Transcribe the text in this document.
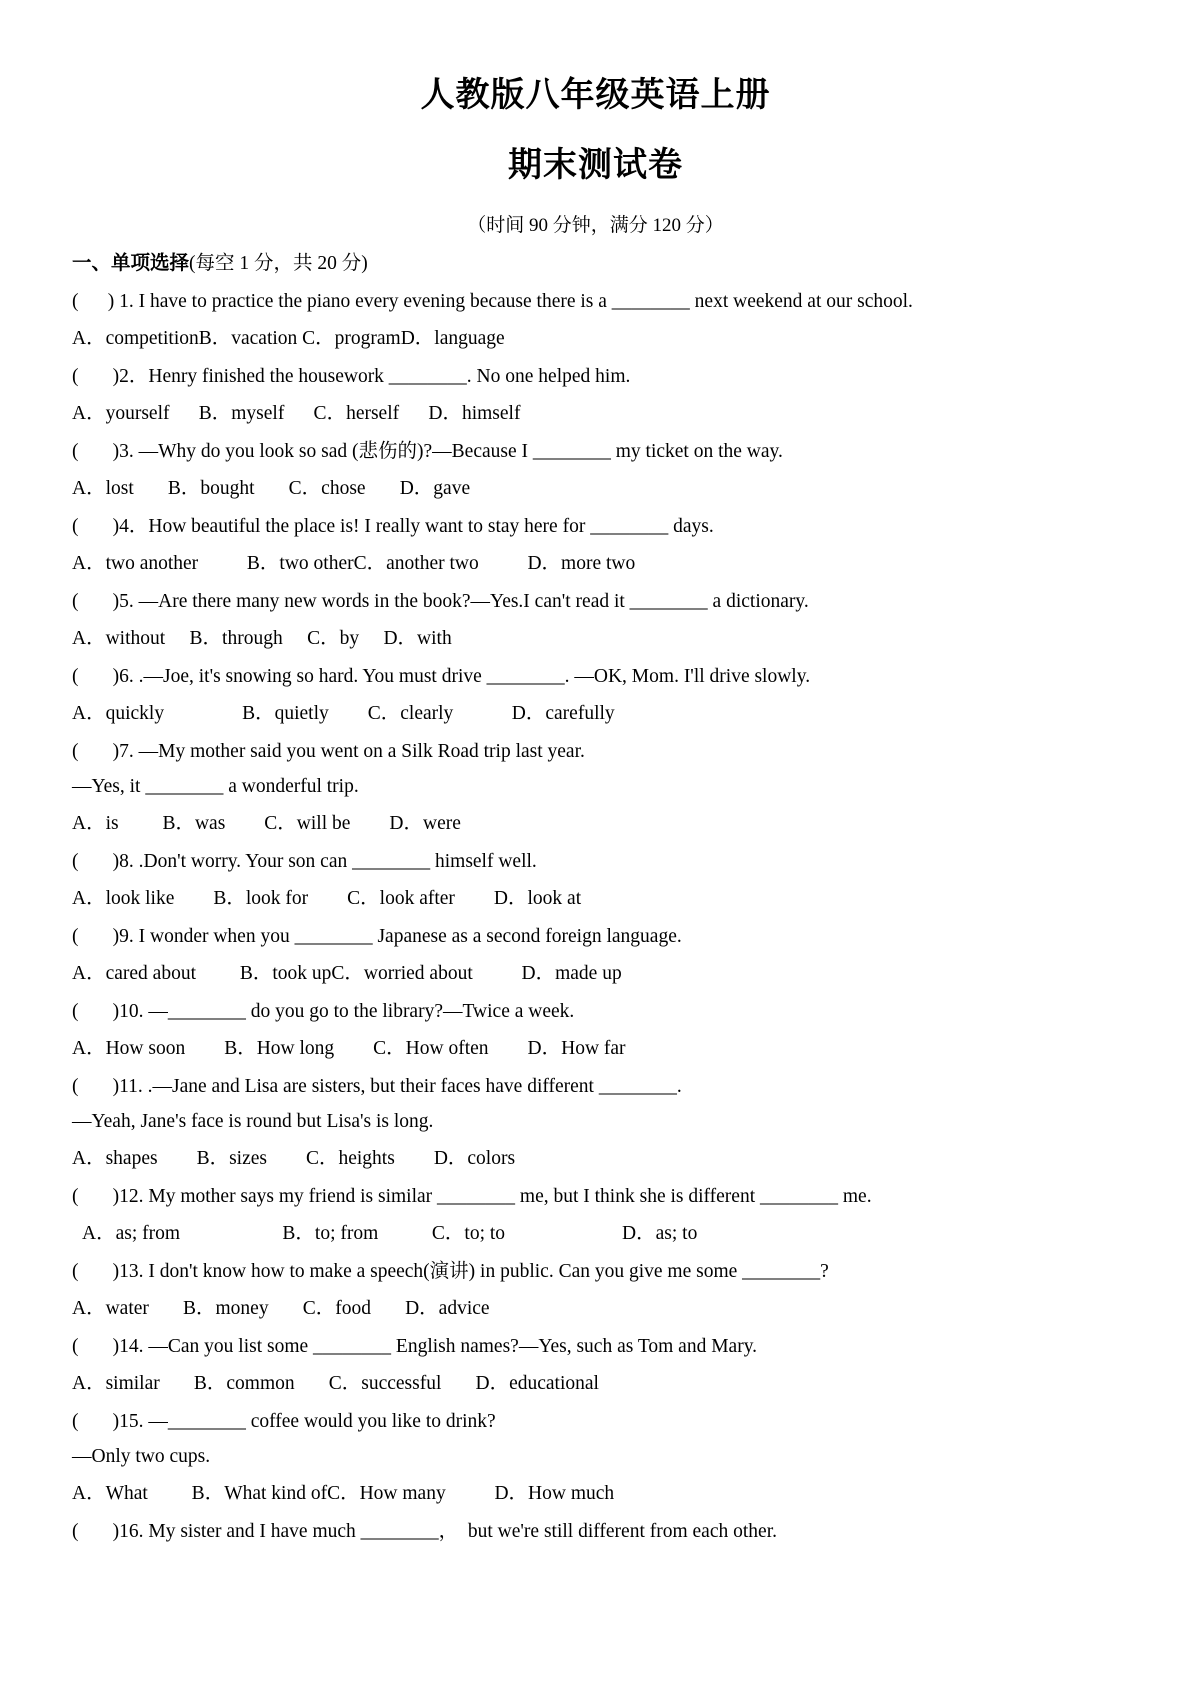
人教版八年级英语上册
期末测试卷
（时间 90 分钟，满分 120 分）

一、单项选择(每空 1 分，共 20 分)

(      ) 1. I have to practice the piano every evening because there is a ________ next weekend at our school.

A．competitionB．vacation C．programD．language

(       )2．Henry finished the housework ________. No one helped him.

A．yourself      B．myself      C．herself      D．himself

(       )3. —Why do you look so sad (悲伤的)?—Because I ________ my ticket on the way.

A．lost       B．bought       C．chose       D．gave

(       )4．How beautiful the place is! I really want to stay here for ________ days.

A．two another          B．two otherC．another two          D．more two

(       )5. —Are there many new words in the book?—Yes.I can't read it ________ a dictionary.

A．without     B．through     C．by     D．with

(       )6. .—Joe, it's snowing so hard. You must drive ________. —OK, Mom. I'll drive slowly.

A．quickly                B．quietly        C．clearly            D．carefully

(       )7. —My mother said you went on a Silk Road trip last year.

—Yes, it ________ a wonderful trip.

A．is         B．was        C．will be        D．were

(       )8. .Don't worry. Your son can ________ himself well.

A．look like        B．look for        C．look after        D．look at

(       )9. I wonder when you ________ Japanese as a second foreign language.

A．cared about         B．took upC．worried about          D．made up

(       )10. —________ do you go to the library?—Twice a week.

A．How soon        B．How long        C．How often        D．How far

(       )11. .—Jane and Lisa are sisters, but their faces have different ________.

—Yeah, Jane's face is round but Lisa's is long.

A．shapes        B．sizes        C．heights        D．colors

(       )12. My mother says my friend is similar ________ me, but I think she is different ________ me.

A．as; from                     B．to; from           C．to; to                        D．as; to

(       )13. I don't know how to make a speech(演讲) in public. Can you give me some ________?

A．water       B．money       C．food       D．advice

(       )14. —Can you list some ________ English names?—Yes, such as Tom and Mary.

A．similar       B．common       C．successful       D．educational

(       )15. —________ coffee would you like to drink?

—Only two cups.

A．What         B．What kind ofC．How many          D．How much

(       )16. My sister and I have much ________，  but we're still different from each other.
